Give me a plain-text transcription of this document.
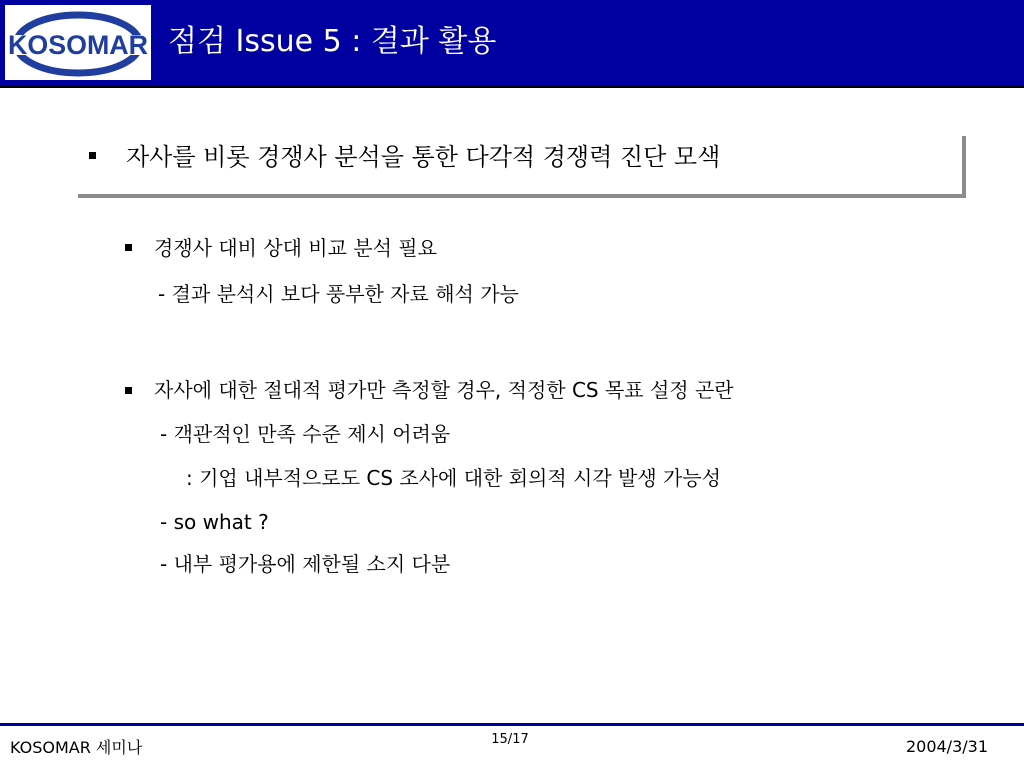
KOSOMAR 점검 Issue 5 : 결과 활용
자사를 비롯 경쟁사 분석을 통한 다각적 경쟁력 진단 모색
경쟁사 대비 상대 비교 분석 필요
- 결과 분석시 보다 풍부한 자료 해석 가능
자사에 대한 절대적 평가만 측정할 경우, 적정한 CS 목표 설정 곤란
- 객관적인 만족 수준 제시 어려움
: 기업 내부적으로도 CS 조사에 대한 회의적 시각 발생 가능성
- so what ?
- 내부 평가용에 제한될 소지 다분
KOSOMAR 세미나	15/17	2004/3/31
